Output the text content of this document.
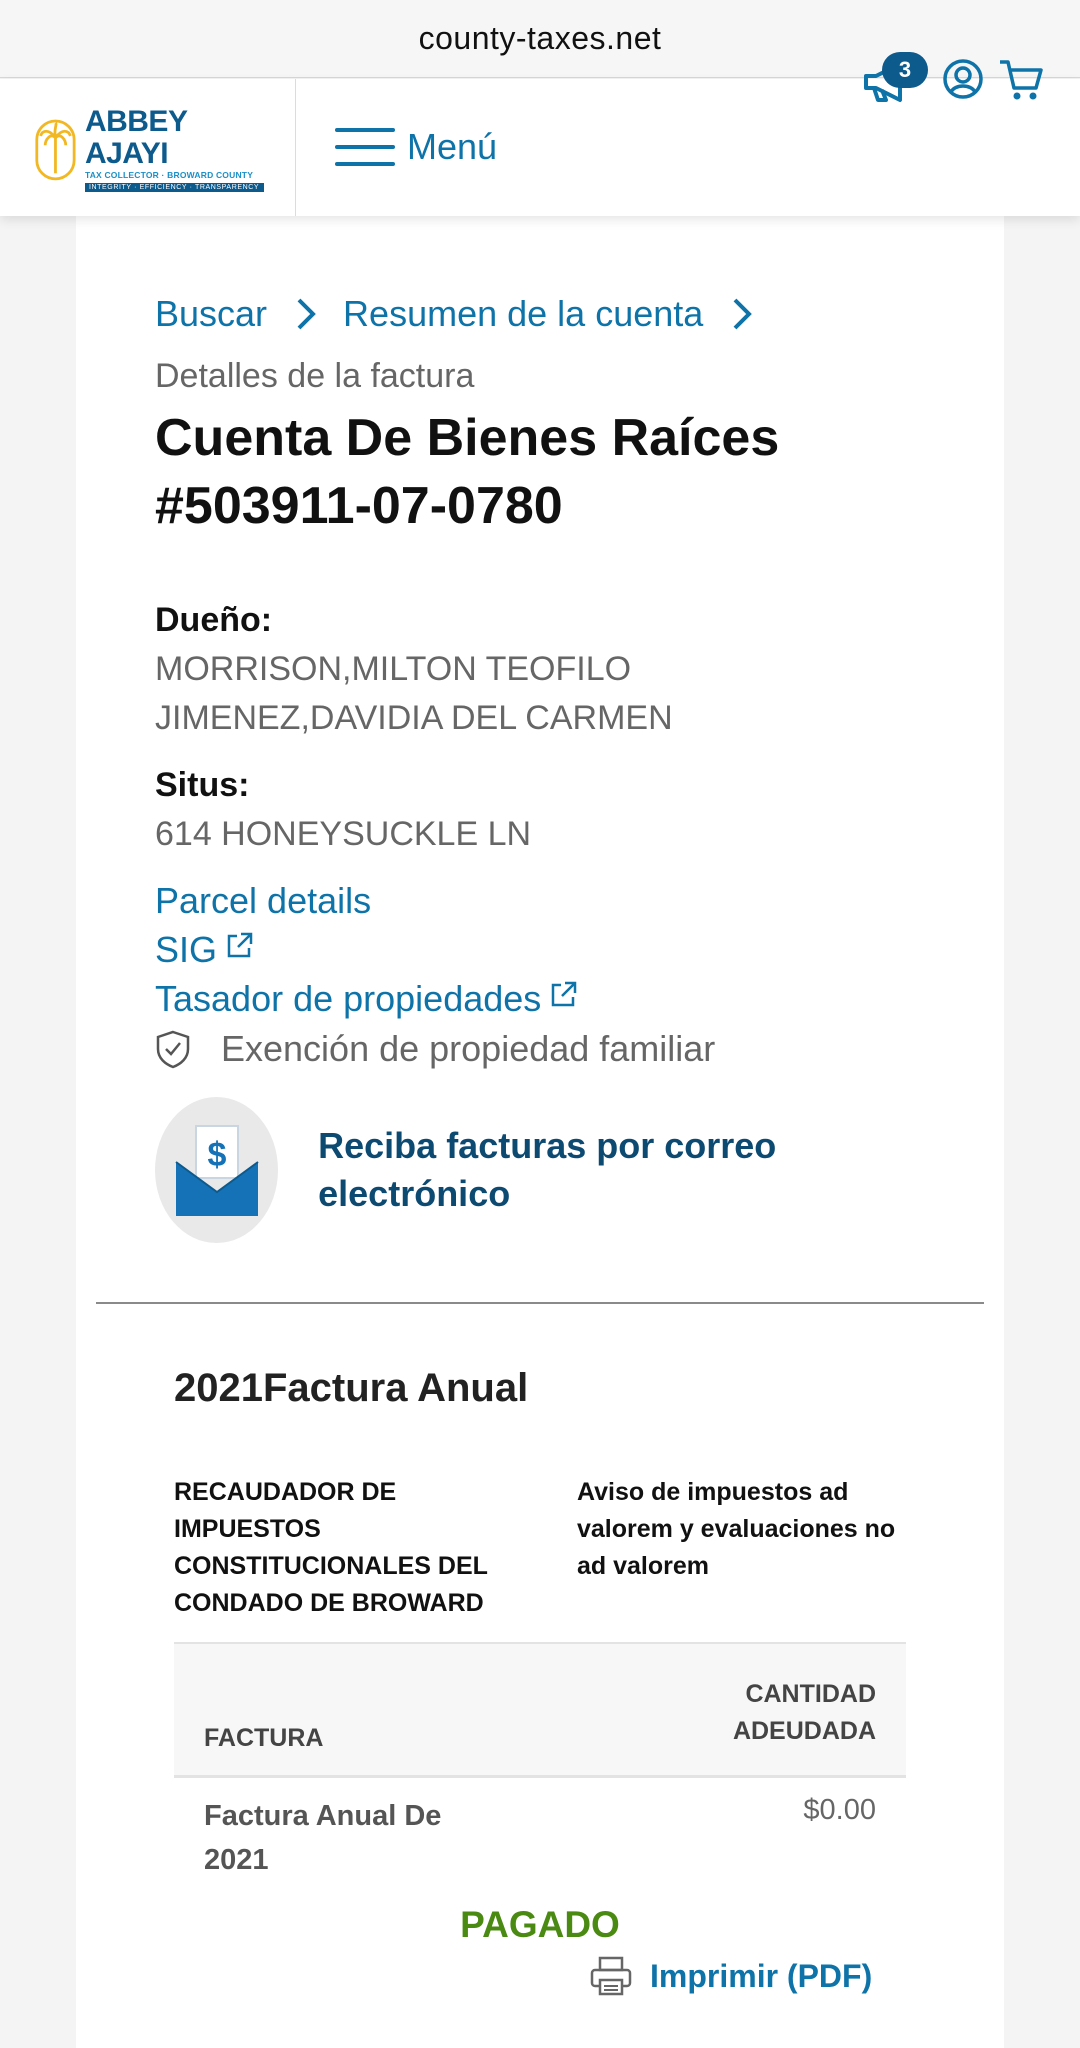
county-taxes.net
ABBEY AJAYI
TAX COLLECTOR · BROWARD COUNTY
INTEGRITY · EFFICIENCY · TRANSPARENCY
Menú
3
Buscar Resumen de la cuenta
Detalles de la factura
Cuenta De Bienes Raíces #503911-07-0780
Dueño:
MORRISON,MILTON TEOFILO
JIMENEZ,DAVIDIA DEL CARMEN
Situs:
614 HONEYSUCKLE LN
Parcel details
SIG
Tasador de propiedades
Exención de propiedad familiar
$	Reciba facturas por correo electrónico
2021Factura Anual
RECAUDADOR DE IMPUESTOS CONSTITUCIONALES DEL CONDADO DE BROWARD
Aviso de impuestos ad valorem y evaluaciones no ad valorem
FACTURA
CANTIDAD ADEUDADA
Factura Anual De 2021
$0.00
PAGADO
Imprimir (PDF)
